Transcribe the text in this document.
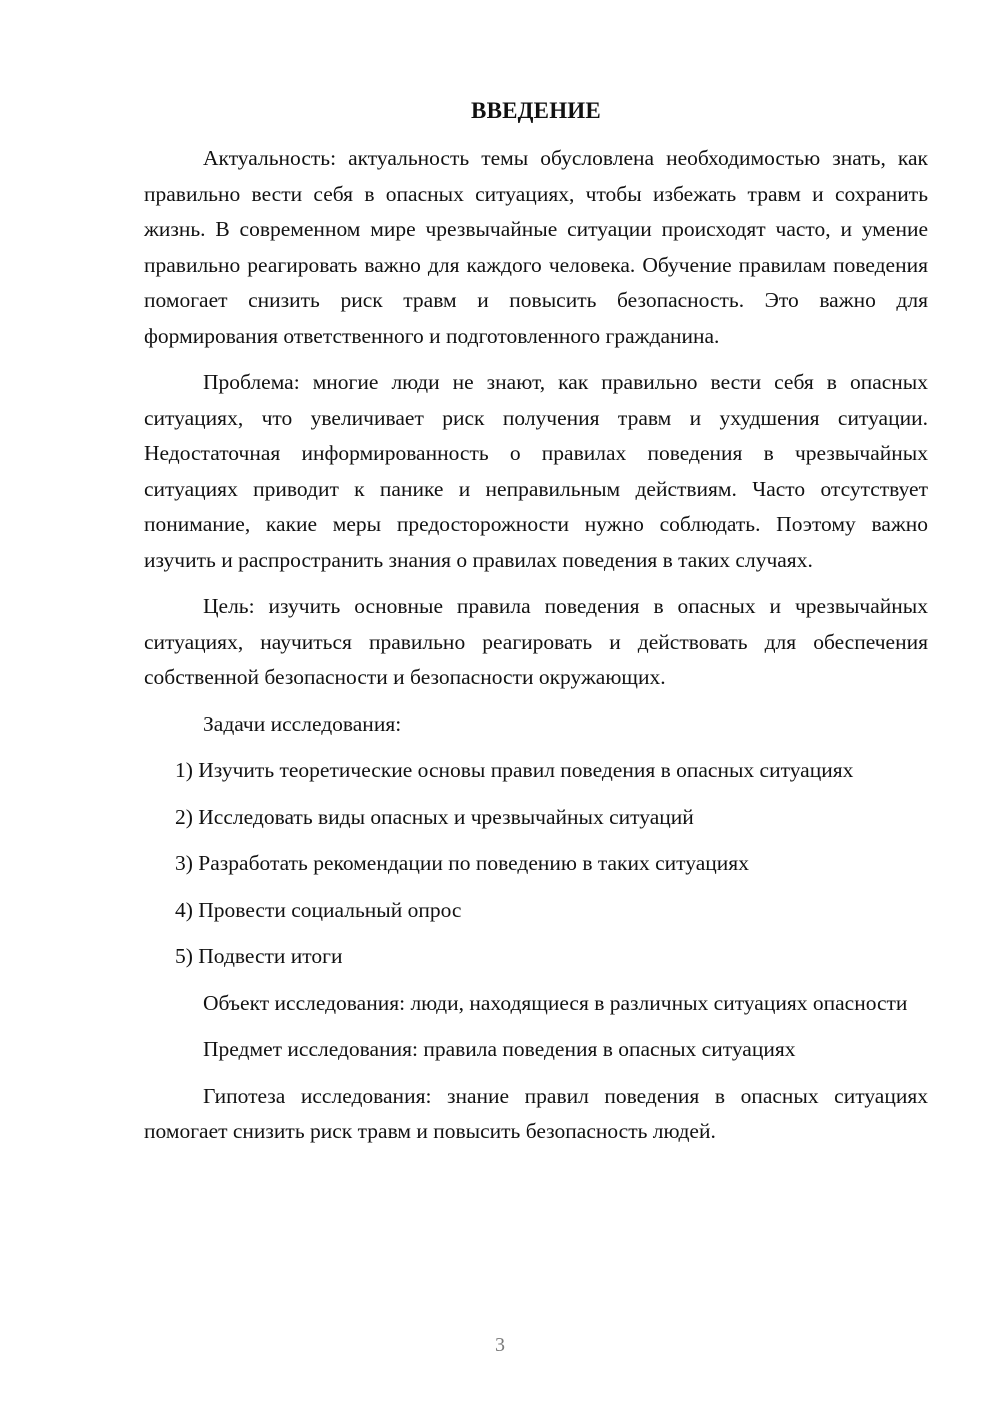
ВВЕДЕНИЕ

Актуальность: актуальность темы обусловлена необходимостью знать, как правильно вести себя в опасных ситуациях, чтобы избежать травм и сохранить жизнь. В современном мире чрезвычайные ситуации происходят часто, и умение правильно реагировать важно для каждого человека. Обучение правилам поведения помогает снизить риск травм и повысить безопасность. Это важно для формирования ответственного и подготовленного гражданина.

Проблема: многие люди не знают, как правильно вести себя в опасных ситуациях, что увеличивает риск получения травм и ухудшения ситуации. Недостаточная информированность о правилах поведения в чрезвычайных ситуациях приводит к панике и неправильным действиям. Часто отсутствует понимание, какие меры предосторожности нужно соблюдать. Поэтому важно изучить и распространить знания о правилах поведения в таких случаях.

Цель: изучить основные правила поведения в опасных и чрезвычайных ситуациях, научиться правильно реагировать и действовать для обеспечения собственной безопасности и безопасности окружающих.

Задачи исследования:

1) Изучить теоретические основы правил поведения в опасных ситуациях

2) Исследовать виды опасных и чрезвычайных ситуаций

3) Разработать рекомендации по поведению в таких ситуациях

4) Провести социальный опрос

5) Подвести итоги

Объект исследования: люди, находящиеся в различных ситуациях опасности

Предмет исследования: правила поведения в опасных ситуациях

Гипотеза исследования: знание правил поведения в опасных ситуациях помогает снизить риск травм и повысить безопасность людей.

3
